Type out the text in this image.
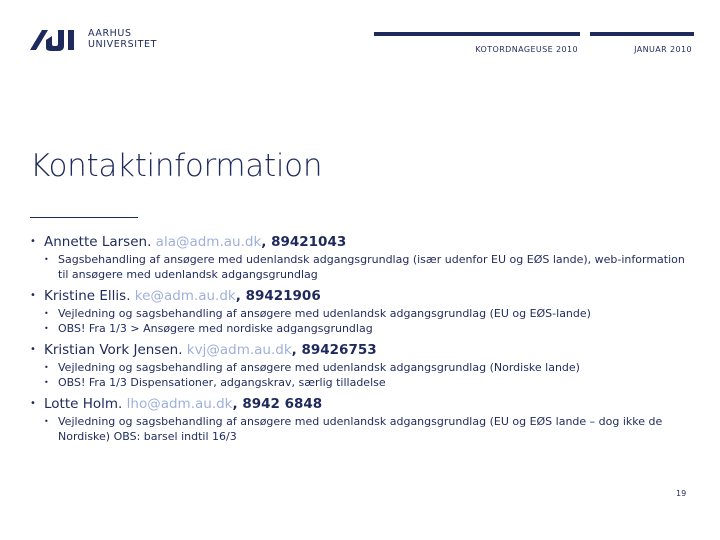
AARHUS
UNIVERSITET	KOTORDNAGEUSE 2010	JANUAR 2010
Kontaktinformation
• Annette Larsen. ala@adm.au.dk, 89421043
• Sagsbehandling af ansøgere med udenlandsk adgangsgrundlag (især udenfor EU og EØS lande), web-information til ansøgere med udenlandsk adgangsgrundlag
• Kristine Ellis. ke@adm.au.dk, 89421906
• Vejledning og sagsbehandling af ansøgere med udenlandsk adgangsgrundlag (EU og EØS-lande)
• OBS! Fra 1/3 > Ansøgere med nordiske adgangsgrundlag
• Kristian Vork Jensen. kvj@adm.au.dk, 89426753
• Vejledning og sagsbehandling af ansøgere med udenlandsk adgangsgrundlag (Nordiske lande)
• OBS! Fra 1/3 Dispensationer, adgangskrav, særlig tilladelse
• Lotte Holm. lho@adm.au.dk, 8942 6848
• Vejledning og sagsbehandling af ansøgere med udenlandsk adgangsgrundlag (EU og EØS lande – dog ikke de Nordiske) OBS: barsel indtil 16/3
19
